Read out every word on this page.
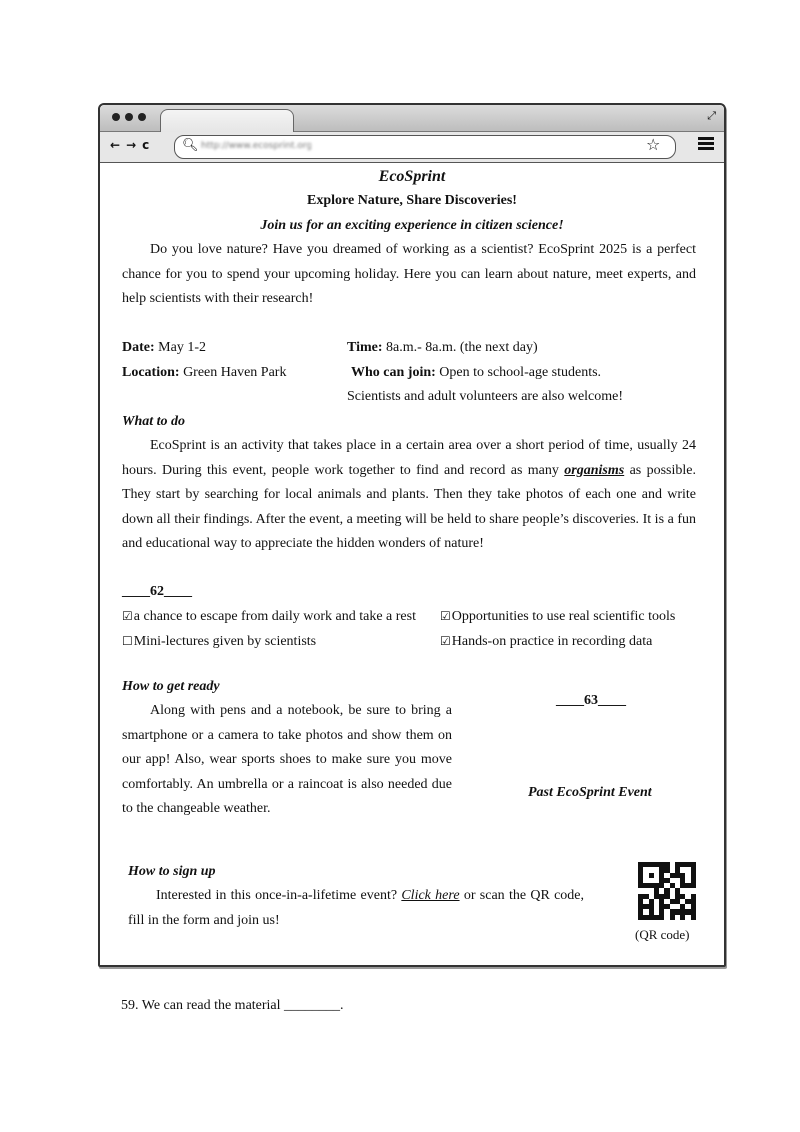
⤢
← → c	🔍︎
http://www.ecosprint.org	☆
EcoSprint
Explore Nature, Share Discoveries!
Join us for an exciting experience in citizen science!
Do you love nature? Have you dreamed of working as a scientist? EcoSprint 2025 is a perfect chance for you to spend your upcoming holiday. Here you can learn about nature, meet experts, and help scientists with their research!
Date: May 1-2	Time: 8a.m.- 8a.m. (the next day)
Location: Green Haven Park	Who can join: Open to school-age students.
Scientists and adult volunteers are also welcome!
What to do
EcoSprint is an activity that takes place in a certain area over a short period of time, usually 24 hours. During this event, people work together to find and record as many organisms as possible. They start by searching for local animals and plants. Then they take photos of each one and write down all their findings. After the event, a meeting will be held to share people’s discoveries. It is a fun and educational way to appreciate the hidden wonders of nature!
____62____
☑a chance to escape from daily work and take a rest ☑Opportunities to use real scientific tools
☐Mini-lectures given by scientists	☑Hands-on practice in recording data
How to get ready
Along with pens and a notebook, be sure to bring a smartphone or a camera to take photos and show them on our app! Also, wear sports shoes to make sure you move comfortably. An umbrella or a raincoat is also needed due to the changeable weather.
____63____
Past EcoSprint Event
How to sign up
Interested in this once-in-a-lifetime event? Click here or scan the QR code, fill in the form and join us!
(QR code)
59. We can read the material ________.
